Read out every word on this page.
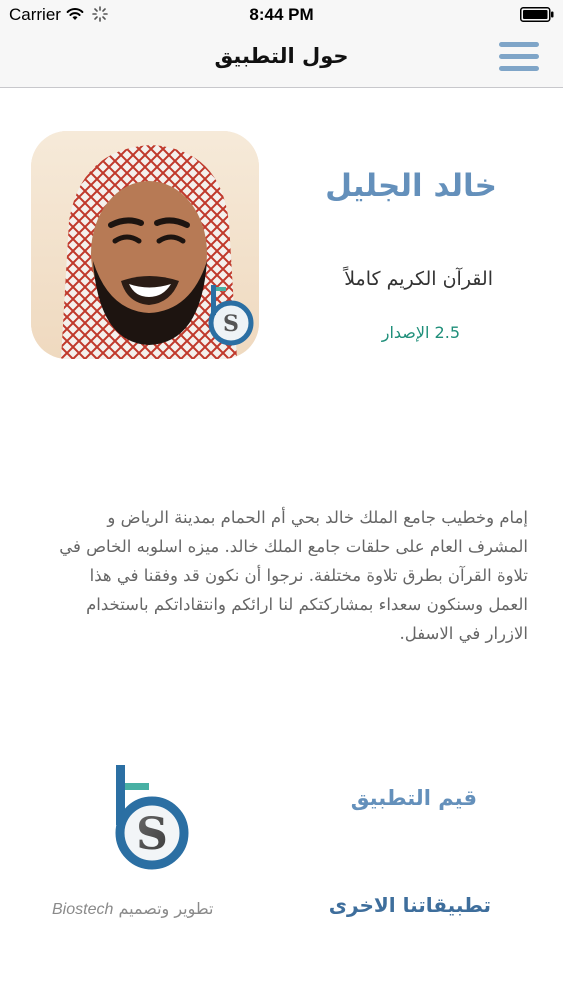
Carrier	8:44 PM
حول التطبيق
S
خالد الجليل
القرآن الكريم كاملاً
2.5 الإصدار
إمام وخطيب جامع الملك خالد بحي أم الحمام بمدينة الرياض و المشرف العام على حلقات جامع الملك خالد. ميزه اسلوبه الخاص في تلاوة القرآن بطرق تلاوة مختلفة. نرجوا أن نكون قد وفقنا في هذا العمل وسنكون سعداء بمشاركتكم لنا ارائكم وانتقاداتكم باستخدام الازرار في الاسفل.
S
تطوير وتصميم Biostech
قيم التطبيق
تطبيقاتنا الاخرى
